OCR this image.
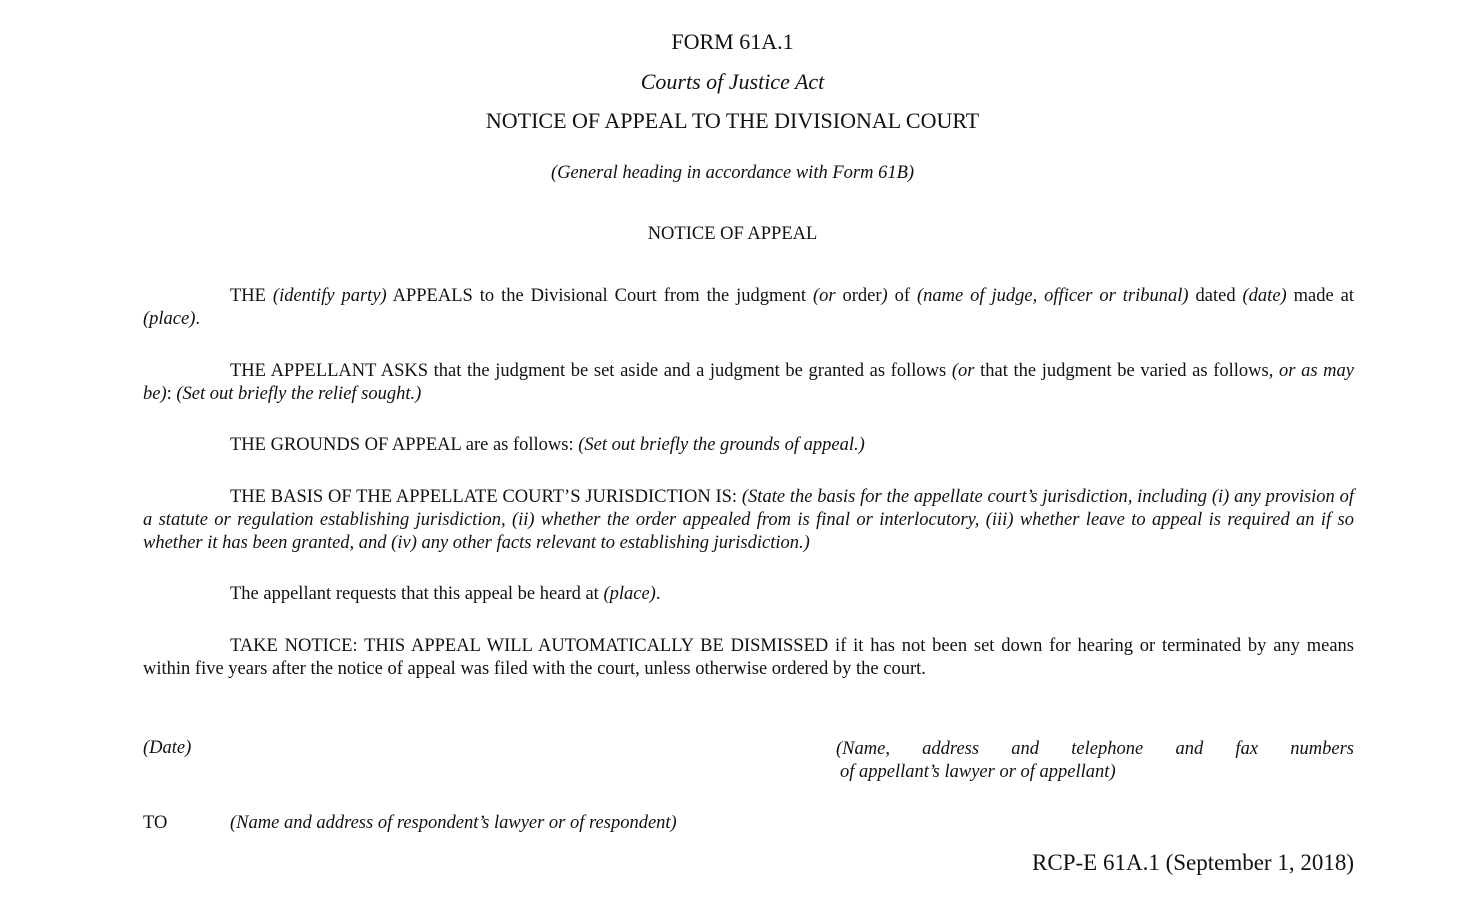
FORM 61A.1
Courts of Justice Act
NOTICE OF APPEAL TO THE DIVISIONAL COURT
(General heading in accordance with Form 61B)
NOTICE OF APPEAL

THE (identify party) APPEALS to the Divisional Court from the judgment (or order) of (name of judge, officer or tribunal) dated (date) made at (place).

THE APPELLANT ASKS that the judgment be set aside and a judgment be granted as follows (or that the judgment be varied as follows, or as may be): (Set out briefly the relief sought.)

THE GROUNDS OF APPEAL are as follows: (Set out briefly the grounds of appeal.)

THE BASIS OF THE APPELLATE COURT’S JURISDICTION IS: (State the basis for the appellate court’s jurisdiction, including (i) any provision of a statute or regulation establishing jurisdiction, (ii) whether the order appealed from is final or interlocutory, (iii) whether leave to appeal is required an if so whether it has been granted, and (iv) any other facts relevant to establishing jurisdiction.)

The appellant requests that this appeal be heard at (place).

TAKE NOTICE: THIS APPEAL WILL AUTOMATICALLY BE DISMISSED if it has not been set down for hearing or terminated by any means within five years after the notice of appeal was filed with the court, unless otherwise ordered by the court.

(Date)	(Name, address and telephone and fax numbers
of appellant’s lawyer or of appellant)
TO	(Name and address of respondent’s lawyer or of respondent)
RCP-E 61A.1 (September 1, 2018)
